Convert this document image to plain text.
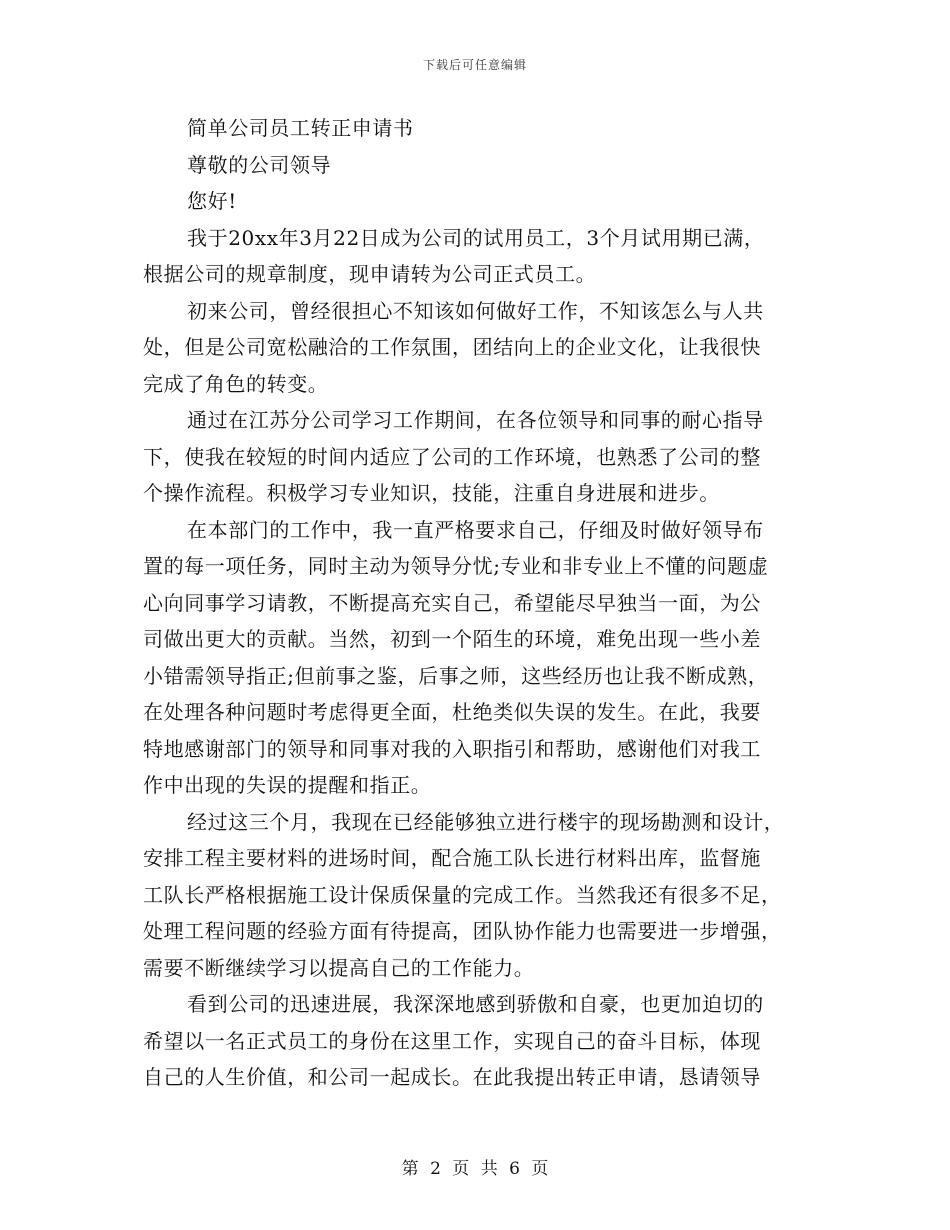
下载后可任意编辑
简单公司员工转正申请书
尊敬的公司领导
您好!
我于20xx年3月22日成为公司的试用员工，3个月试用期已满，
根据公司的规章制度，现申请转为公司正式员工。
初来公司，曾经很担心不知该如何做好工作，不知该怎么与人共
处，但是公司宽松融洽的工作氛围，团结向上的企业文化，让我很快
完成了角色的转变。
通过在江苏分公司学习工作期间，在各位领导和同事的耐心指导
下，使我在较短的时间内适应了公司的工作环境，也熟悉了公司的整
个操作流程。积极学习专业知识，技能，注重自身进展和进步。
在本部门的工作中，我一直严格要求自己，仔细及时做好领导布
置的每一项任务，同时主动为领导分忧;专业和非专业上不懂的问题虚
心向同事学习请教，不断提高充实自己，希望能尽早独当一面，为公
司做出更大的贡献。当然，初到一个陌生的环境，难免出现一些小差
小错需领导指正;但前事之鉴，后事之师，这些经历也让我不断成熟，
在处理各种问题时考虑得更全面，杜绝类似失误的发生。在此，我要
特地感谢部门的领导和同事对我的入职指引和帮助，感谢他们对我工
作中出现的失误的提醒和指正。
经过这三个月，我现在已经能够独立进行楼宇的现场勘测和设计，
安排工程主要材料的进场时间，配合施工队长进行材料出库，监督施
工队长严格根据施工设计保质保量的完成工作。当然我还有很多不足，
处理工程问题的经验方面有待提高，团队协作能力也需要进一步增强，
需要不断继续学习以提高自己的工作能力。
看到公司的迅速进展，我深深地感到骄傲和自豪，也更加迫切的
希望以一名正式员工的身份在这里工作，实现自己的奋斗目标，体现
自己的人生价值，和公司一起成长。在此我提出转正申请，恳请领导
第 2 页 共 6 页
